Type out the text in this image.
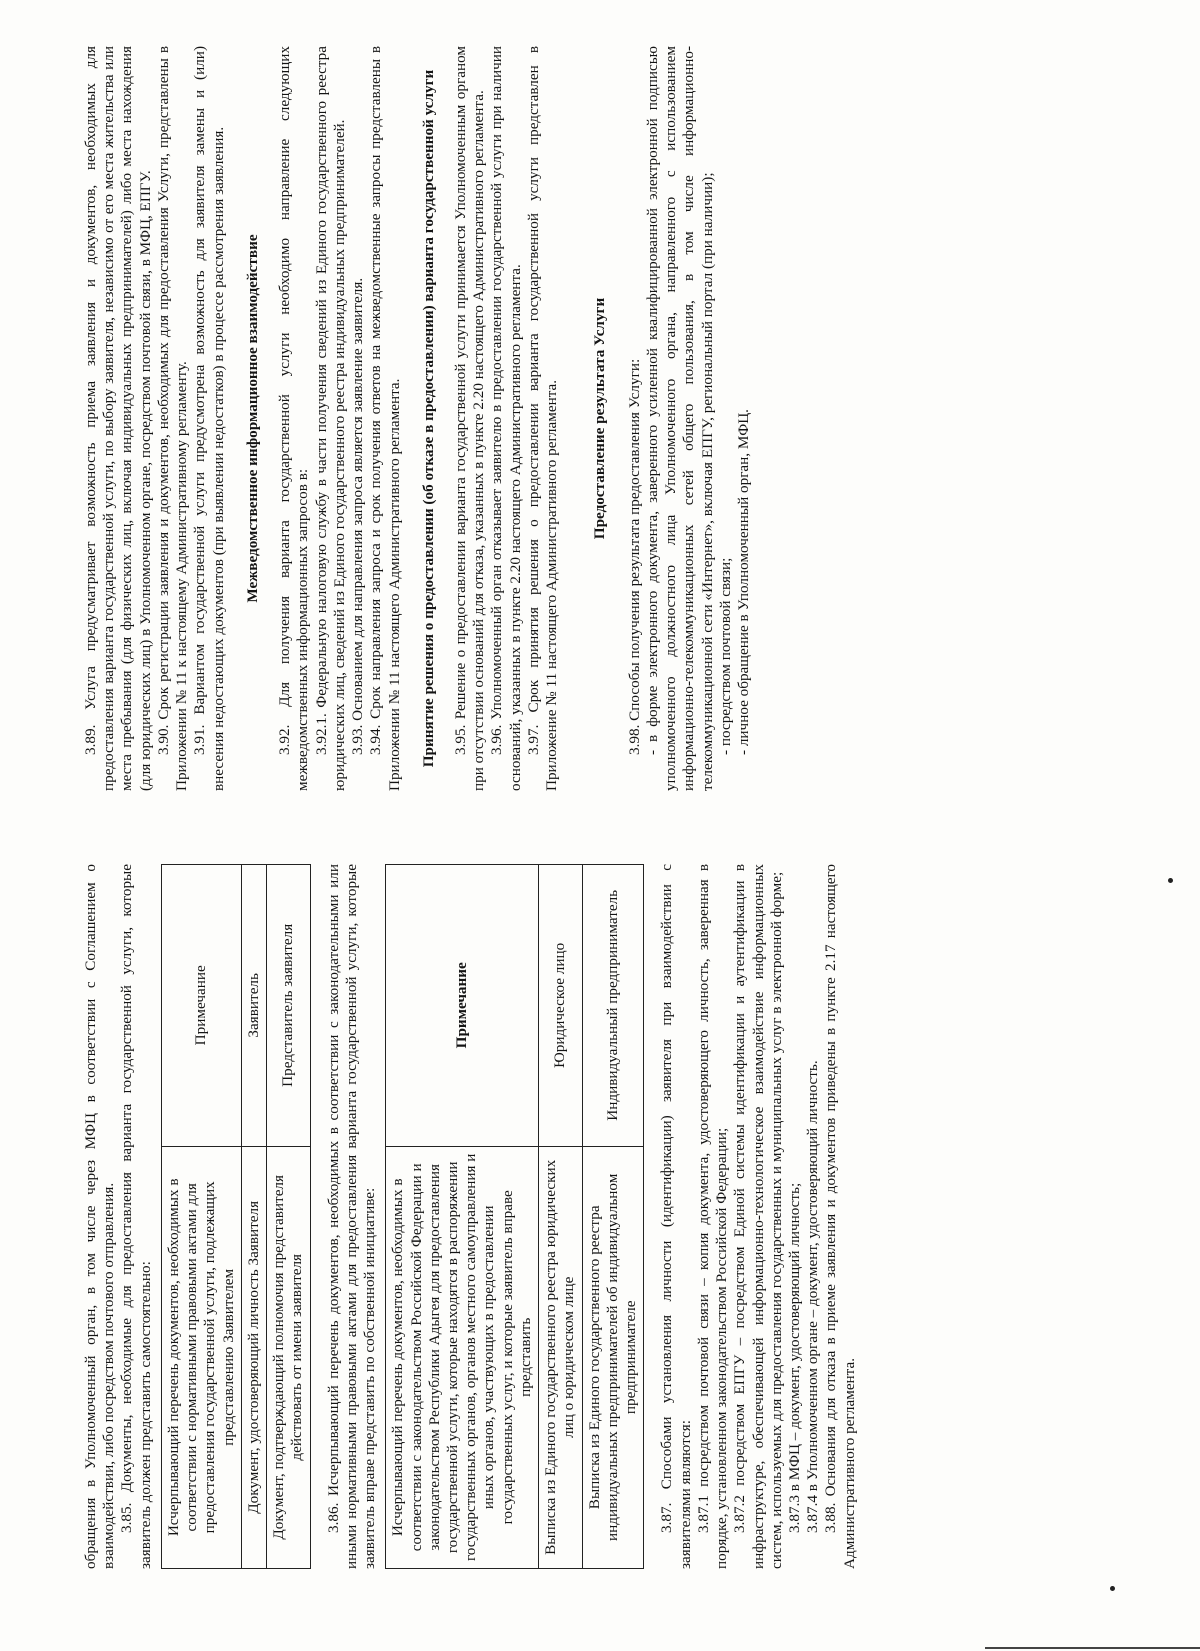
обращения в Уполномоченный орган, в том числе через МФЦ в соответствии с Соглашением о взаимодействии, либо посредством почтового отправления. 3.85. Документы, необходимые для предоставления варианта государственной услуги, которые заявитель должен представить самостоятельно: Исчерпывающий перечень документов, необходимых в соответствии с нормативными правовыми актами для предоставления государственной услуги, подлежащих представлению Заявителем	Примечание
Документ, удостоверяющий личность Заявителя	Заявитель
Документ, подтверждающий полномочия представителя действовать от имени заявителя	Представитель заявителя 3.86. Исчерпывающий перечень документов, необходимых в соответствии с законодательными или иными нормативными правовыми актами для предоставления варианта государственной услуги, которые заявитель вправе представить по собственной инициативе: Исчерпывающий перечень документов, необходимых в соответствии с законодательством Российской Федерации и законодательством Республики Адыгея для предоставления государственной услуги, которые находятся в распоряжении государственных органов, органов местного самоуправления и иных органов, участвующих в предоставлении государственных услуг, и которые заявитель вправе представить	Примечание
Выписка из Единого государственного реестра юридических лиц о юридическом лице	Юридическое лицо
Выписка из Единого государственного реестра индивидуальных предпринимателей об индивидуальном предпринимателе	Индивидуальный предприниматель 3.87. Способами установления личности (идентификации) заявителя при взаимодействии с заявителями являются: 3.87.1 посредством почтовой связи – копия документа, удостоверяющего личность, заверенная в порядке, установленном законодательством Российской Федерации; 3.87.2 посредством ЕПГУ – посредством Единой системы идентификации и аутентификации в инфраструктуре, обеспечивающей информационно-технологическое взаимодействие информационных систем, используемых для предоставления государственных и муниципальных услуг в электронной форме; 3.87.3 в МФЦ – документ, удостоверяющий личность; 3.87.4 в Уполномоченном органе – документ, удостоверяющий личность. 3.88. Основания для отказа в приеме заявления и документов приведены в пункте 2.17 настоящего Административного регламента.

3.89. Услуга предусматривает возможность приема заявления и документов, необходимых для предоставления варианта государственной услуги, по выбору заявителя, независимо от его места жительства или места пребывания (для физических лиц, включая индивидуальных предпринимателей) либо места нахождения (для юридических лиц) в Уполномоченном органе, посредством почтовой связи, в МФЦ, ЕПГУ. 3.90. Срок регистрации заявления и документов, необходимых для предоставления Услуги, представлены в Приложении № 11 к настоящему Административному регламенту. 3.91. Вариантом государственной услуги предусмотрена возможность для заявителя замены и (или) внесения недостающих документов (при выявлении недостатков) в процессе рассмотрения заявления. Межведомственное информационное взаимодействие 3.92. Для получения варианта государственной услуги необходимо направление следующих межведомственных информационных запросов в: 3.92.1. Федеральную налоговую службу в части получения сведений из Единого государственного реестра юридических лиц, сведений из Единого государственного реестра индивидуальных предпринимателей. 3.93. Основанием для направления запроса является заявление заявителя. 3.94. Срок направления запроса и срок получения ответов на межведомственные запросы представлены в Приложении № 11 настоящего Административного регламента. Принятие решения о предоставлении (об отказе в предоставлении) варианта государственной услуги 3.95. Решение о предоставлении варианта государственной услуги принимается Уполномоченным органом при отсутствии оснований для отказа, указанных в пункте 2.20 настоящего Административного регламента. 3.96. Уполномоченный орган отказывает заявителю в предоставлении государственной услуги при наличии оснований, указанных в пункте 2.20 настоящего Административного регламента. 3.97. Срок принятия решения о предоставлении варианта государственной услуги представлен в Приложение № 11 настоящего Административного регламента. Предоставление результата Услуги 3.98. Способы получения результата предоставления Услуги: - в форме электронного документа, заверенного усиленной квалифицированной электронной подписью уполномоченного должностного лица Уполномоченного органа, направленного с использованием информационно-телекоммуникационных сетей общего пользования, в том числе информационно-телекоммуникационной сети «Интернет», включая ЕПГУ, региональный портал (при наличии); - посредством почтовой связи; - личное обращение в Уполномоченный орган, МФЦ.
